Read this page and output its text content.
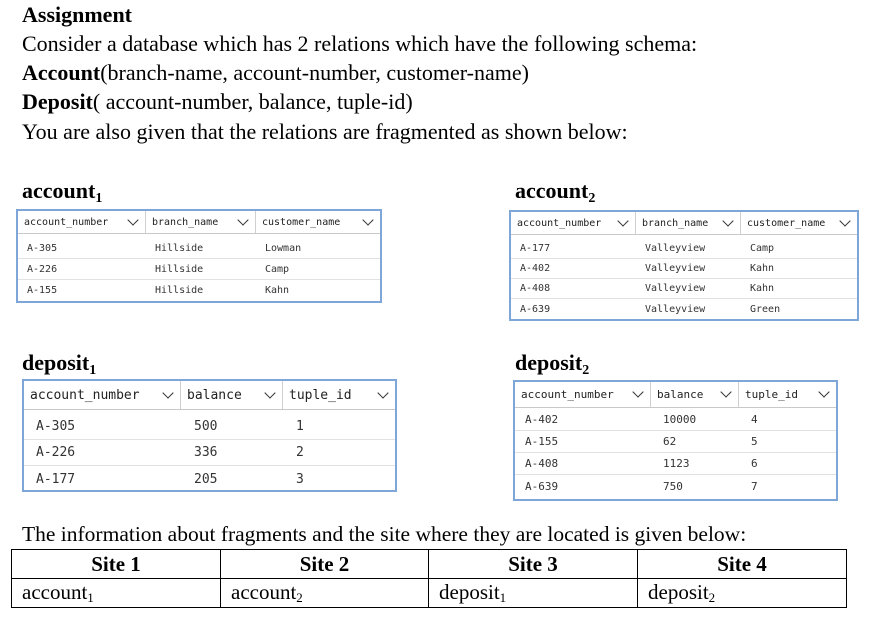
Assignment
Consider a database which has 2 relations which have the following schema:
Account(branch-name, account-number, customer-name)
Deposit( account-number, balance, tuple-id)
You are also given that the relations are fragmented as shown below:
account$_1$
account_number	branch_name	customer_name
A-305	Hillside	Lowman
A-226	Hillside	Camp
A-155	Hillside	Kahn
account$_2$
account_number	branch_name	customer_name
A-177	Valleyview	Camp
A-402	Valleyview	Kahn
A-408	Valleyview	Kahn
A-639	Valleyview	Green
deposit$_1$
account_number	balance	tuple_id
A-305	500	1
A-226	336	2
A-177	205	3
deposit$_2$
account_number	balance	tuple_id
A-402	10000	4
A-155	62	5
A-408	1123	6
A-639	750	7
The information about fragments and the site where they are located is given below:
Site 1	Site 2	Site 3	Site 4
account$_1$	account$_2$	deposit$_1$	deposit$_2$
